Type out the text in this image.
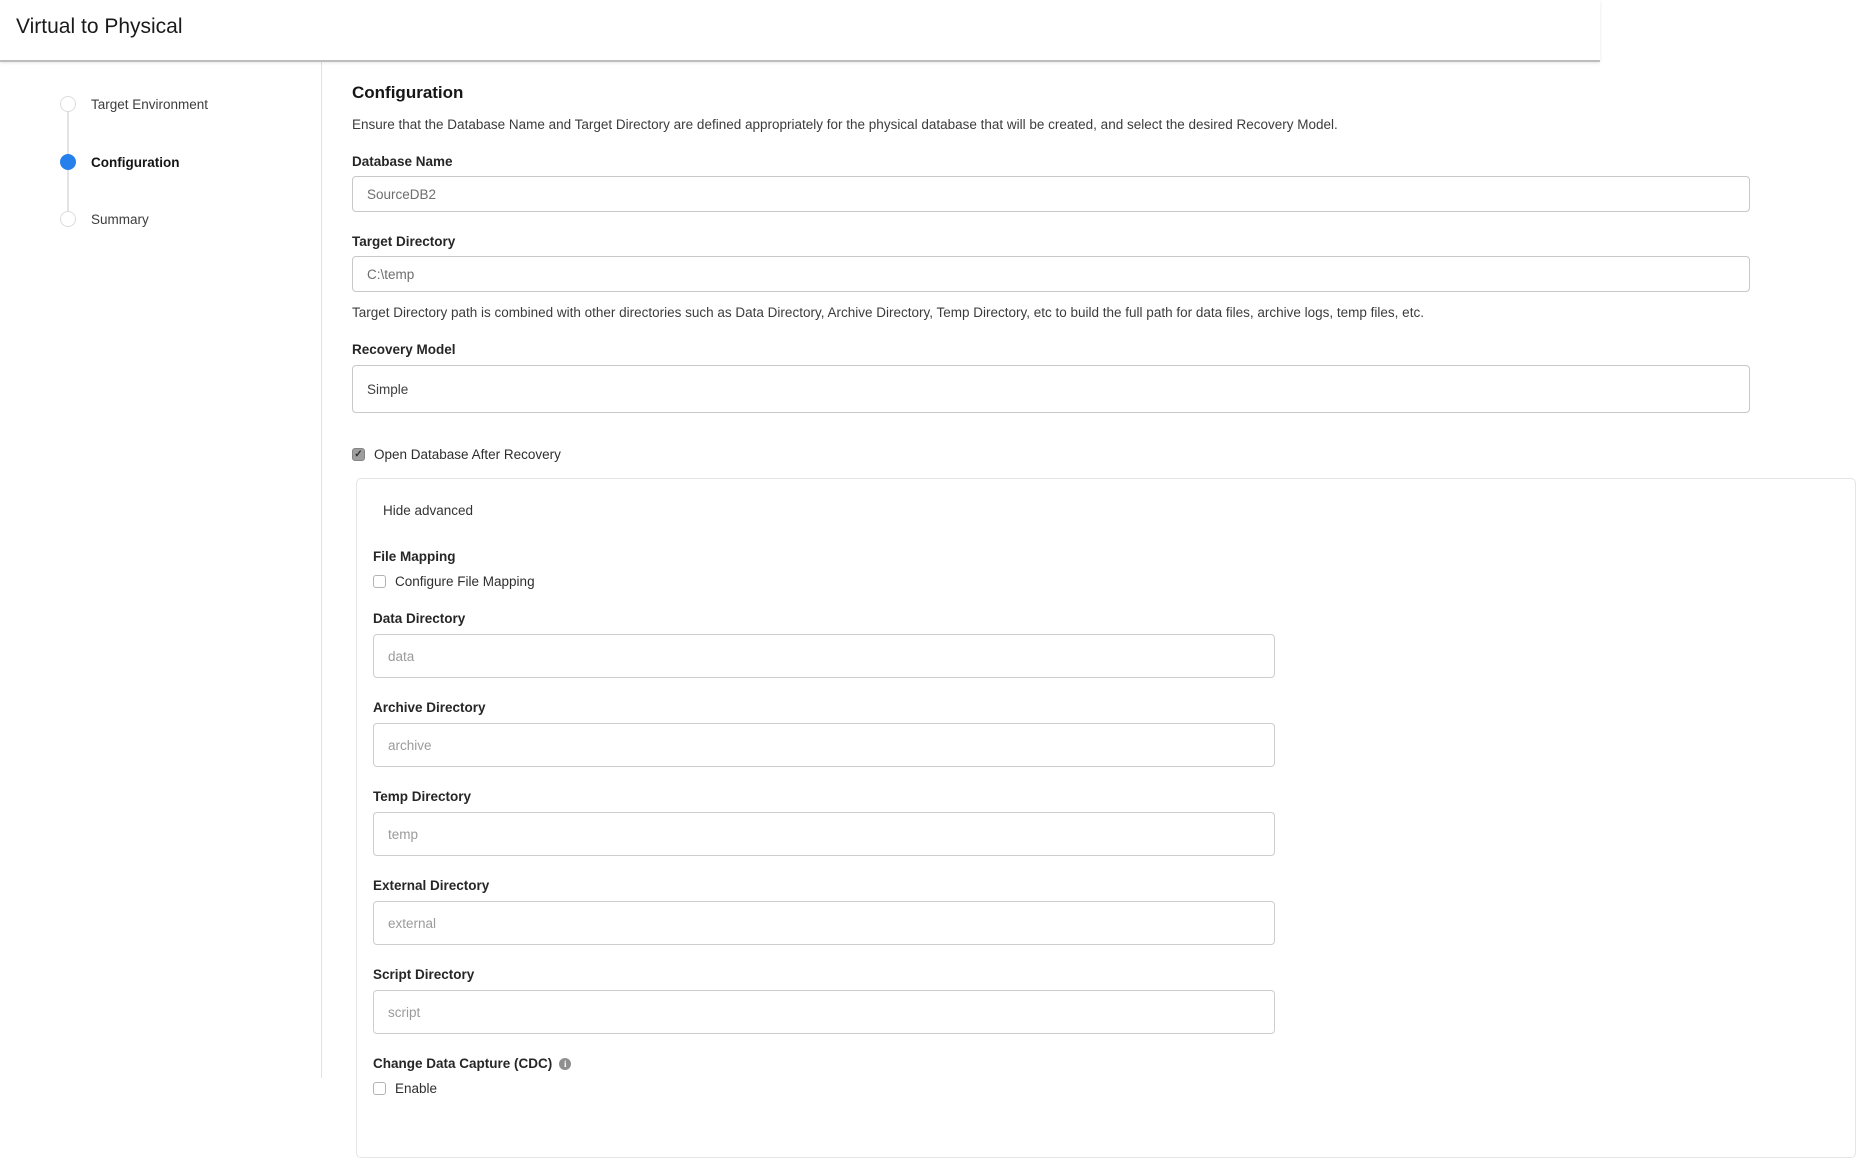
Virtual to Physical
Target Environment
Configuration
Summary
Configuration
Ensure that the Database Name and Target Directory are defined appropriately for the physical database that will be created, and select the desired Recovery Model.
Database Name
SourceDB2
Target Directory
C:\temp
Target Directory path is combined with other directories such as Data Directory, Archive Directory, Temp Directory, etc to build the full path for data files, archive logs, temp files, etc.
Recovery Model
Simple
✓ Open Database After Recovery
Hide advanced
File Mapping
Configure File Mapping
Data Directory
data
Archive Directory
archive
Temp Directory
temp
External Directory
external
Script Directory
script
Change Data Capture (CDC)	i
Enable
